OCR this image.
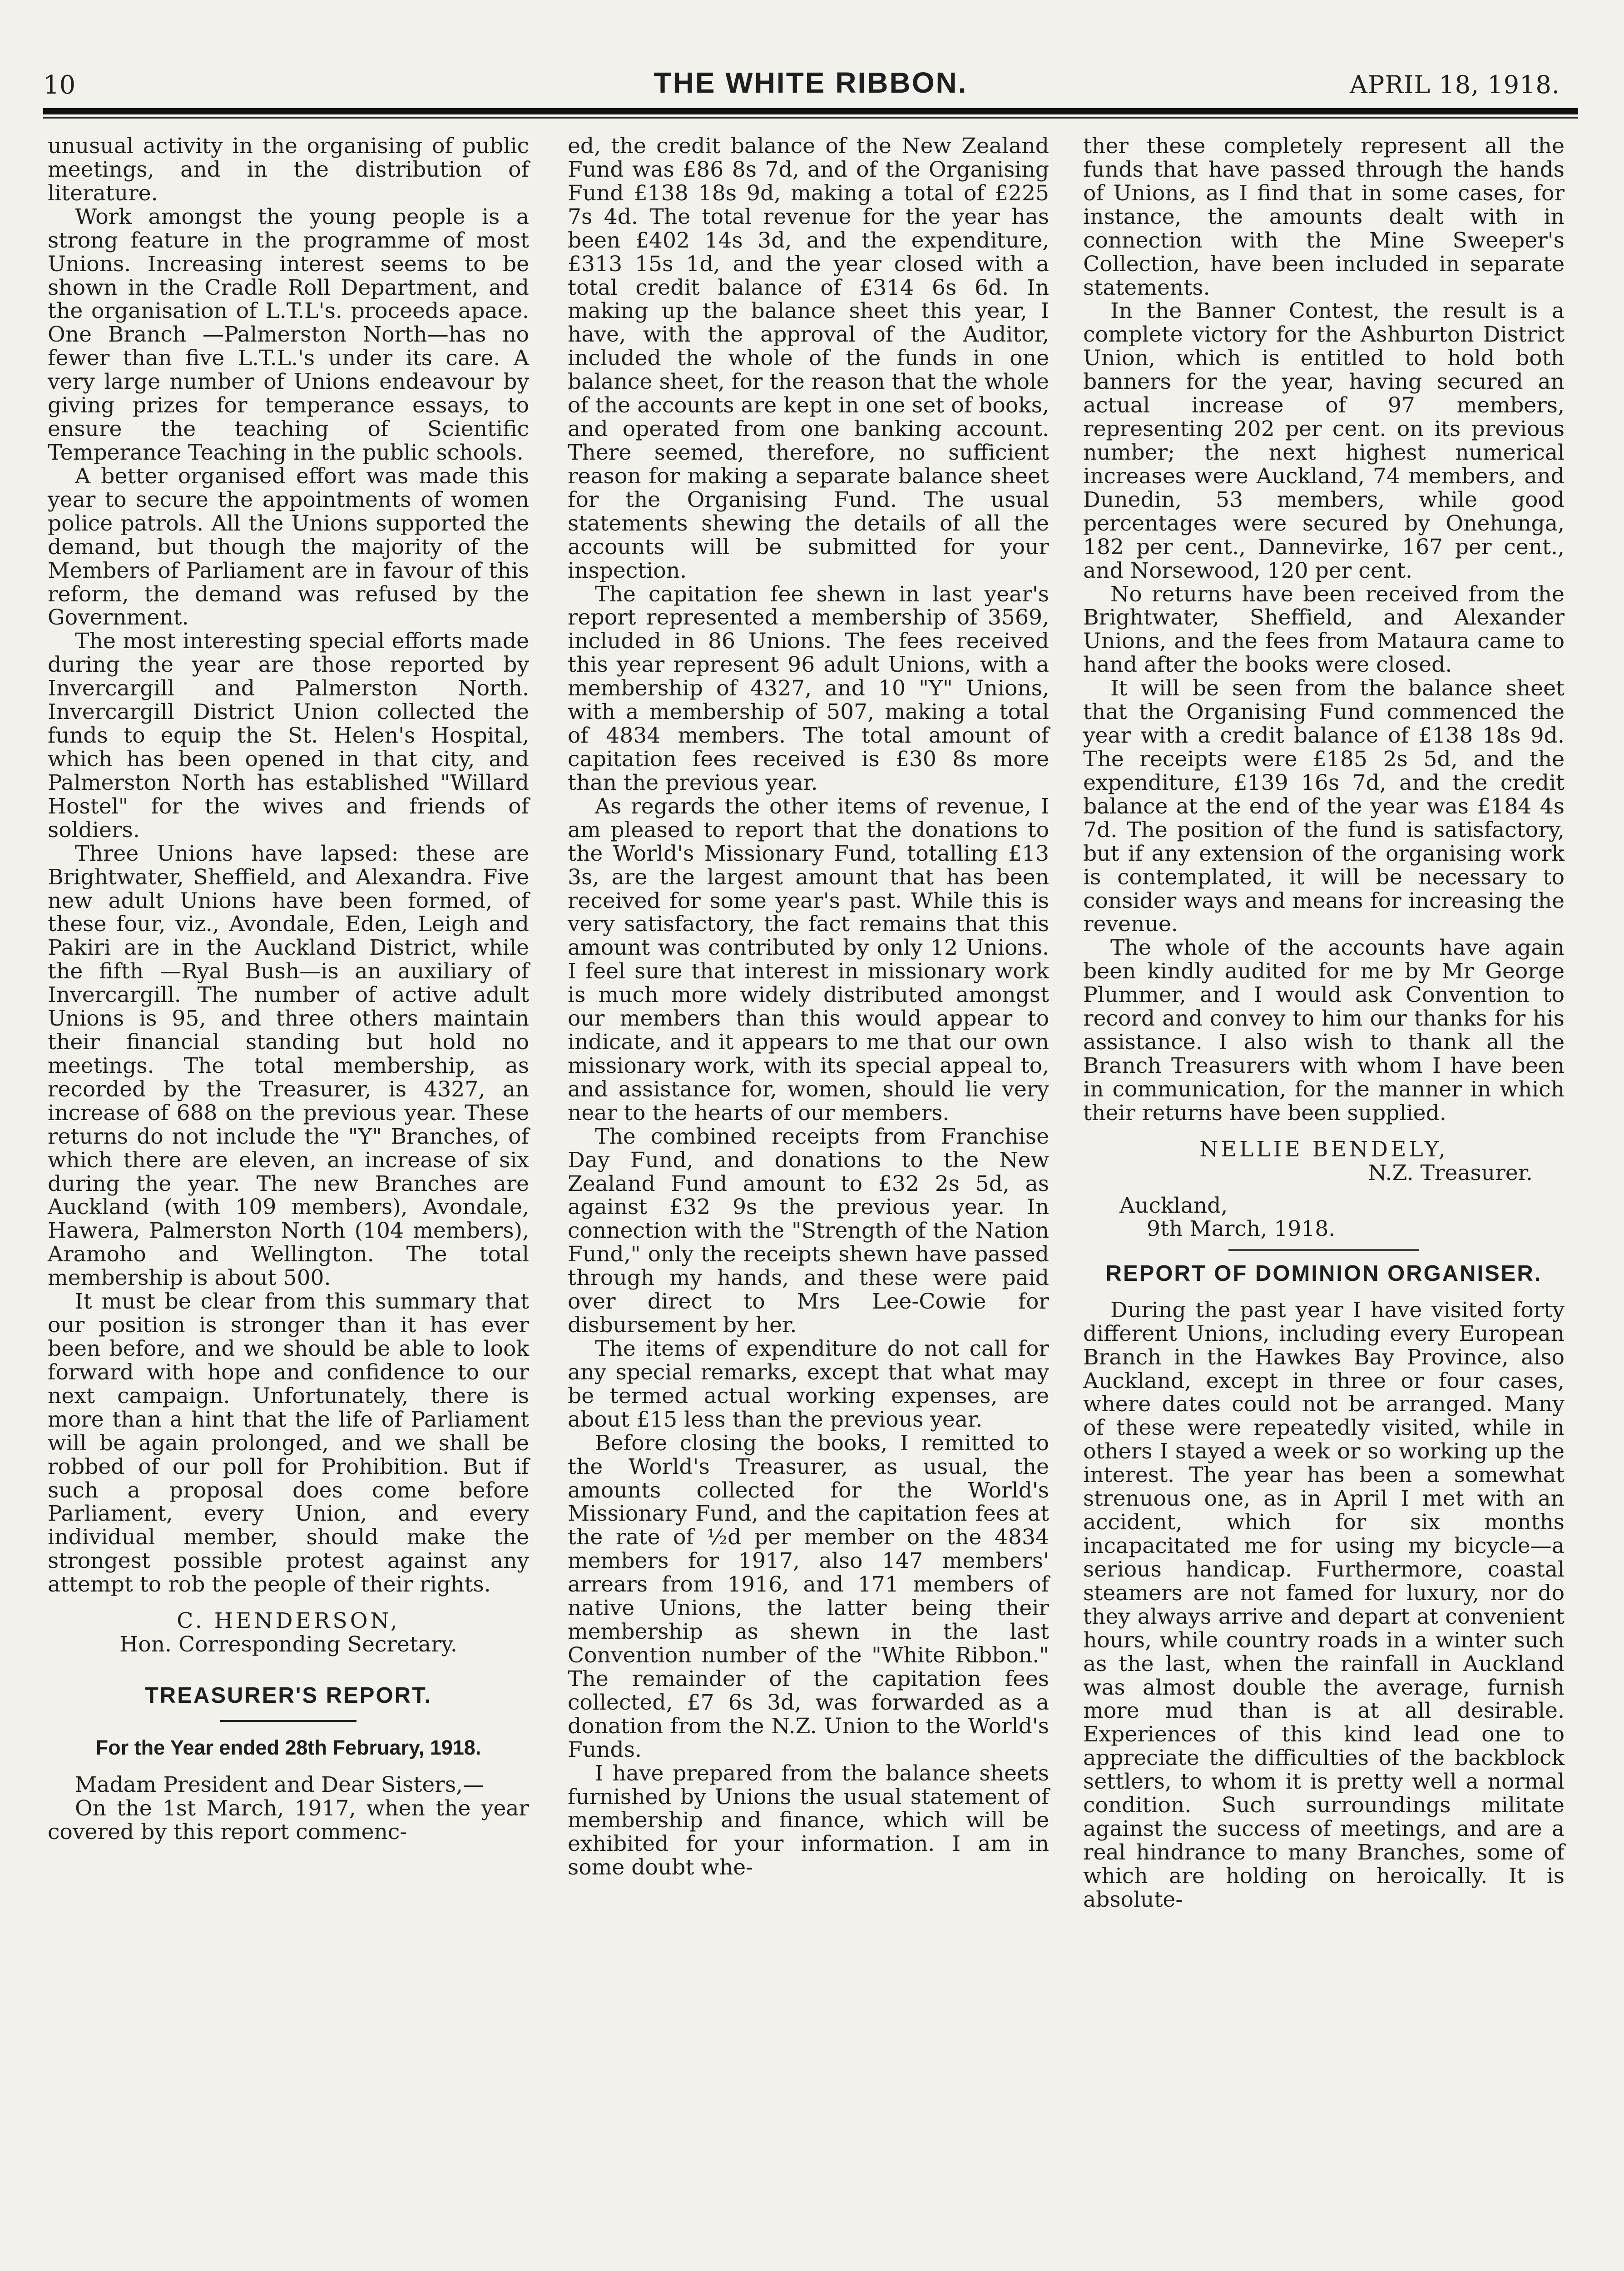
10	THE WHITE RIBBON.	APRIL 18, 1918.

unusual activity in the organising of public meetings, and in the distribution of literature.

Work amongst the young people is a strong feature in the programme of most Unions. Increasing interest seems to be shown in the Cradle Roll Department, and the organisation of L.T.L's. proceeds apace. One Branch —Palmerston North—has no fewer than five L.T.L.'s under its care. A very large number of Unions endeavour by giving prizes for temperance essays, to ensure the teaching of Scientific Temperance Teaching in the public schools.

A better organised effort was made this year to secure the appointments of women police patrols. All the Unions supported the demand, but though the majority of the Members of Parliament are in favour of this reform, the demand was refused by the Government.

The most interesting special efforts made during the year are those reported by Invercargill and Palmerston North. Invercargill District Union collected the funds to equip the St. Helen's Hospital, which has been opened in that city, and Palmerston North has established "Willard Hostel" for the wives and friends of soldiers.

Three Unions have lapsed: these are Brightwater, Sheffield, and Alexandra. Five new adult Unions have been formed, of these four, viz., Avondale, Eden, Leigh and Pakiri are in the Auckland District, while the fifth —Ryal Bush—is an auxiliary of Invercargill. The number of active adult Unions is 95, and three others maintain their financial standing but hold no meetings. The total membership, as recorded by the Treasurer, is 4327, an increase of 688 on the previous year. These returns do not include the "Y" Branches, of which there are eleven, an increase of six during the year. The new Branches are Auckland (with 109 members), Avondale, Hawera, Palmerston North (104 members), Aramoho and Wellington. The total membership is about 500.

It must be clear from this summary that our position is stronger than it has ever been before, and we should be able to look forward with hope and confidence to our next campaign. Unfortunately, there is more than a hint that the life of Parliament will be again prolonged, and we shall be robbed of our poll for Prohibition. But if such a proposal does come before Parliament, every Union, and every individual member, should make the strongest possible protest against any attempt to rob the people of their rights.

C. HENDERSON,
Hon. Corresponding Secretary.
TREASURER'S REPORT.
For the Year ended 28th February, 1918.

Madam President and Dear Sisters,—

On the 1st March, 1917, when the year covered by this report commenc-

ed, the credit balance of the New Zealand Fund was £86 8s 7d, and of the Organising Fund £138 18s 9d, making a total of £225 7s 4d. The total revenue for the year has been £402 14s 3d, and the expenditure, £313 15s 1d, and the year closed with a total credit balance of £314 6s 6d. In making up the balance sheet this year, I have, with the approval of the Auditor, included the whole of the funds in one balance sheet, for the reason that the whole of the accounts are kept in one set of books, and operated from one banking account. There seemed, therefore, no sufficient reason for making a separate balance sheet for the Organising Fund. The usual statements shewing the details of all the accounts will be submitted for your inspection.

The capitation fee shewn in last year's report represented a membership of 3569, included in 86 Unions. The fees received this year represent 96 adult Unions, with a membership of 4327, and 10 "Y" Unions, with a membership of 507, making a total of 4834 members. The total amount of capitation fees received is £30 8s more than the previous year.

As regards the other items of revenue, I am pleased to report that the donations to the World's Missionary Fund, totalling £13 3s, are the largest amount that has been received for some year's past. While this is very satisfactory, the fact remains that this amount was contributed by only 12 Unions. I feel sure that interest in missionary work is much more widely distributed amongst our members than this would appear to indicate, and it appears to me that our own missionary work, with its special appeal to, and assistance for, women, should lie very near to the hearts of our members.

The combined receipts from Franchise Day Fund, and donations to the New Zealand Fund amount to £32 2s 5d, as against £32 9s the previous year. In connection with the "Strength of the Nation Fund," only the receipts shewn have passed through my hands, and these were paid over direct to Mrs Lee-Cowie for disbursement by her.

The items of expenditure do not call for any special remarks, except that what may be termed actual working expenses, are about £15 less than the previous year.

Before closing the books, I remitted to the World's Treasurer, as usual, the amounts collected for the World's Missionary Fund, and the capitation fees at the rate of ½d per member on the 4834 members for 1917, also 147 members' arrears from 1916, and 171 members of native Unions, the latter being their membership as shewn in the last Convention number of the "White Ribbon." The remainder of the capitation fees collected, £7 6s 3d, was forwarded as a donation from the N.Z. Union to the World's Funds.

I have prepared from the balance sheets furnished by Unions the usual statement of membership and finance, which will be exhibited for your information. I am in some doubt whe-

ther these completely represent all the funds that have passed through the hands of Unions, as I find that in some cases, for instance, the amounts dealt with in connection with the Mine Sweeper's Collection, have been included in separate statements.

In the Banner Contest, the result is a complete victory for the Ashburton District Union, which is entitled to hold both banners for the year, having secured an actual increase of 97 members, representing 202 per cent. on its previous number; the next highest numerical increases were Auckland, 74 members, and Dunedin, 53 members, while good percentages were secured by Onehunga, 182 per cent., Dannevirke, 167 per cent., and Norsewood, 120 per cent.

No returns have been received from the Brightwater, Sheffield, and Alexander Unions, and the fees from Mataura came to hand after the books were closed.

It will be seen from the balance sheet that the Organising Fund commenced the year with a credit balance of £138 18s 9d. The receipts were £185 2s 5d, and the expenditure, £139 16s 7d, and the credit balance at the end of the year was £184 4s 7d. The position of the fund is satisfactory, but if any extension of the organising work is contemplated, it will be necessary to consider ways and means for increasing the revenue.

The whole of the accounts have again been kindly audited for me by Mr George Plummer, and I would ask Convention to record and convey to him our thanks for his assistance. I also wish to thank all the Branch Treasurers with whom I have been in communication, for the manner in which their returns have been supplied.

NELLIE BENDELY,
N.Z. Treasurer.
Auckland,
9th March, 1918.
REPORT OF DOMINION ORGANISER.

During the past year I have visited forty different Unions, including every European Branch in the Hawkes Bay Province, also Auckland, except in three or four cases, where dates could not be arranged. Many of these were repeatedly visited, while in others I stayed a week or so working up the interest. The year has been a somewhat strenuous one, as in April I met with an accident, which for six months incapacitated me for using my bicycle—a serious handicap. Furthermore, coastal steamers are not famed for luxury, nor do they always arrive and depart at convenient hours, while country roads in a winter such as the last, when the rainfall in Auckland was almost double the average, furnish more mud than is at all desirable. Experiences of this kind lead one to appreciate the difficulties of the backblock settlers, to whom it is pretty well a normal condition. Such surroundings militate against the success of meetings, and are a real hindrance to many Branches, some of which are holding on heroically. It is absolute-
